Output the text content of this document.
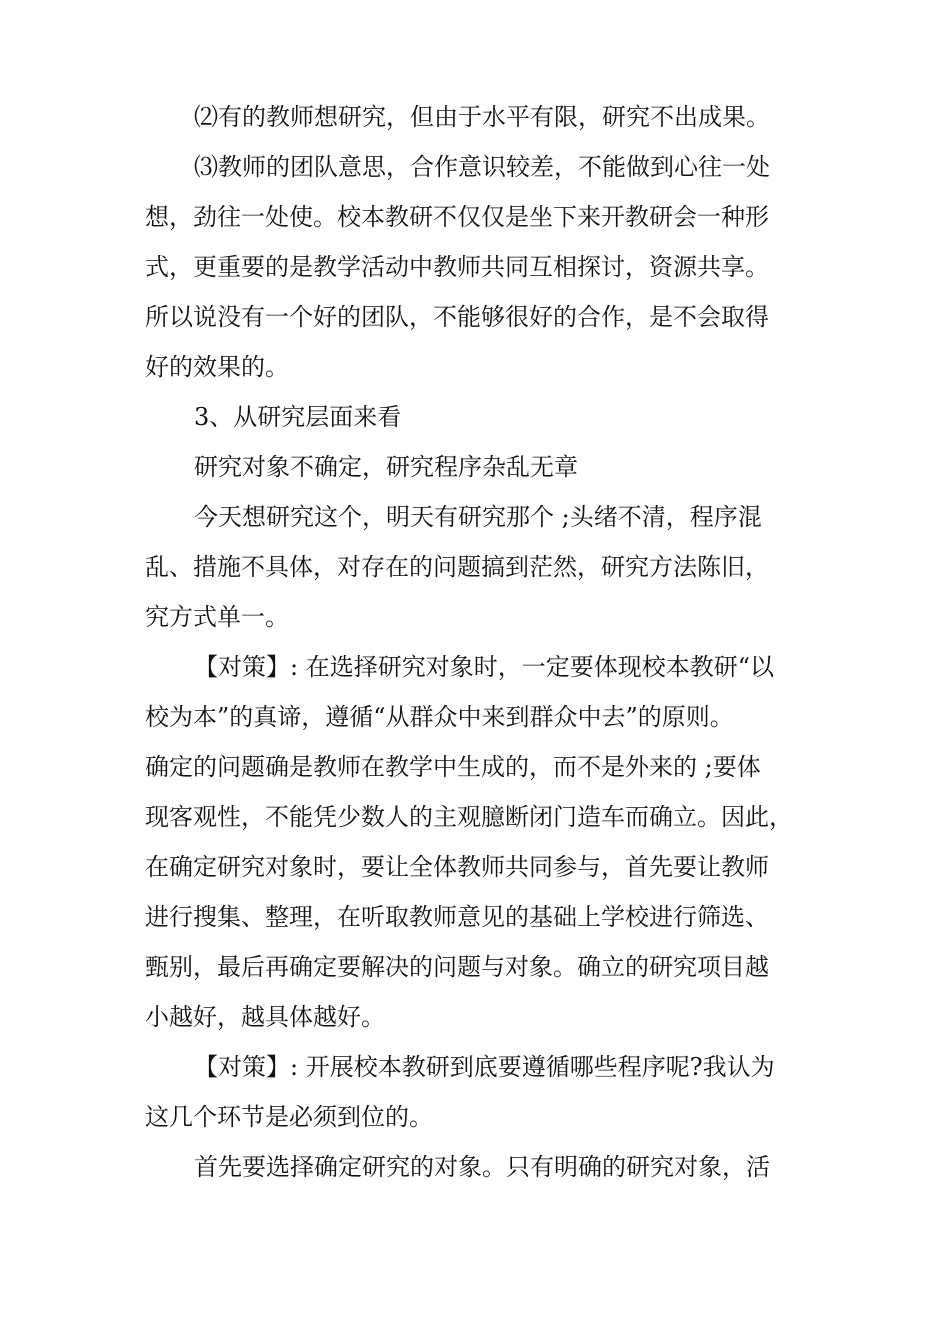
⑵有的教师想研究，但由于水平有限，研究不出成果。
⑶教师的团队意思，合作意识较差，不能做到心往一处
想，劲往一处使。校本教研不仅仅是坐下来开教研会一种形
式，更重要的是教学活动中教师共同互相探讨，资源共享。
所以说没有一个好的团队，不能够很好的合作，是不会取得
好的效果的。
3、从研究层面来看
研究对象不确定，研究程序杂乱无章
今天想研究这个，明天有研究那个 ;头绪不清，程序混
乱、措施不具体，对存在的问题搞到茫然，研究方法陈旧，
究方式单一。
【对策】: 在选择研究对象时，一定要体现校本教研“以
校为本”的真谛，遵循“从群众中来到群众中去”的原则。
确定的问题确是教师在教学中生成的，而不是外来的 ;要体
现客观性，不能凭少数人的主观臆断闭门造车而确立。因此，
在确定研究对象时，要让全体教师共同参与，首先要让教师
进行搜集、整理，在听取教师意见的基础上学校进行筛选、
甄别，最后再确定要解决的问题与对象。确立的研究项目越
小越好，越具体越好。
【对策】: 开展校本教研到底要遵循哪些程序呢?我认为
这几个环节是必须到位的。
首先要选择确定研究的对象。只有明确的研究对象，活
